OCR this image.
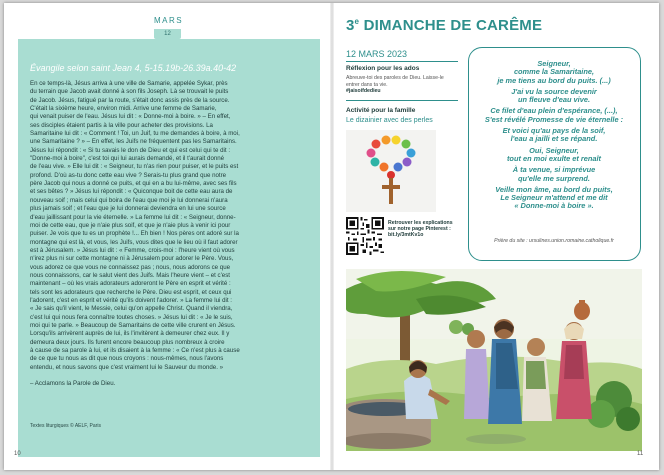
MARS
12
Évangile selon saint Jean 4, 5-15.19b-26.39a.40-42
En ce temps-là, Jésus arriva à une ville de Samarie, appelée Sykar, près
du terrain que Jacob avait donné à son fils Joseph. Là se trouvait le puits
de Jacob. Jésus, fatigué par la route, s'était donc assis près de la source.
C'était la sixième heure, environ midi. Arrive une femme de Samarie,
qui venait puiser de l'eau. Jésus lui dit : « Donne-moi à boire. » – En effet,
ses disciples étaient partis à la ville pour acheter des provisions. La
Samaritaine lui dit : « Comment ! Toi, un Juif, tu me demandes à boire, à moi,
une Samaritaine ? » – En effet, les Juifs ne fréquentent pas les Samaritains.
Jésus lui répondit : « Si tu savais le don de Dieu et qui est celui qui te dit :
"Donne-moi à boire", c'est toi qui lui aurais demandé, et il t'aurait donné
de l'eau vive. » Elle lui dit : « Seigneur, tu n'as rien pour puiser, et le puits est
profond. D'où as-tu donc cette eau vive ? Serais-tu plus grand que notre
père Jacob qui nous a donné ce puits, et qui en a bu lui-même, avec ses fils
et ses bêtes ? » Jésus lui répondit : « Quiconque boit de cette eau aura de
nouveau soif ; mais celui qui boira de l'eau que moi je lui donnerai n'aura
plus jamais soif ; et l'eau que je lui donnerai deviendra en lui une source
d'eau jaillissant pour la vie éternelle. » La femme lui dit : « Seigneur, donne-
moi de cette eau, que je n'aie plus soif, et que je n'aie plus à venir ici pour
puiser. Je vois que tu es un prophète !... Eh bien ! Nos pères ont adoré sur la
montagne qui est là, et vous, les Juifs, vous dites que le lieu où il faut adorer
est à Jérusalem. » Jésus lui dit : « Femme, crois-moi : l'heure vient où vous
n'irez plus ni sur cette montagne ni à Jérusalem pour adorer le Père. Vous,
vous adorez ce que vous ne connaissez pas ; nous, nous adorons ce que
nous connaissons, car le salut vient des Juifs. Mais l'heure vient – et c'est
maintenant – où les vrais adorateurs adoreront le Père en esprit et vérité :
tels sont les adorateurs que recherche le Père. Dieu est esprit, et ceux qui
l'adorent, c'est en esprit et vérité qu'ils doivent l'adorer. » La femme lui dit :
« Je sais qu'il vient, le Messie, celui qu'on appelle Christ. Quand il viendra,
c'est lui qui nous fera connaître toutes choses. » Jésus lui dit : « Je le suis,
moi qui te parle. » Beaucoup de Samaritains de cette ville crurent en Jésus.
Lorsqu'ils arrivèrent auprès de lui, ils l'invitèrent à demeurer chez eux. Il y
demeura deux jours. Ils furent encore beaucoup plus nombreux à croire
à cause de sa parole à lui, et ils disaient à la femme : « Ce n'est plus à cause
de ce que tu nous as dit que nous croyons : nous-mêmes, nous l'avons
entendu, et nous savons que c'est vraiment lui le Sauveur du monde. »

– Acclamons la Parole de Dieu.
Textes liturgiques © AELF, Paris
10
3e DIMANCHE DE CARÊME
12 MARS 2023
Réflexion pour les ados
Abreuve-toi des paroles de Dieu. Laisse-le entrer dans ta vie.
#jaisoifdedieu
Activité pour la famille
Le dizainier avec des perles
Retrouver les explications sur notre page Pinterest : bit.ly/3mtKv1o
Seigneur,
comme la Samaritaine,
je me tiens au bord du puits. (...)
J'ai vu la source devenir
un fleuve d'eau vive.
Ce filet d'eau plein d'espérance, (...),
S'est révélé Promesse de vie éternelle :
Et voici qu'au pays de la soif,
l'eau a jailli et se répand.
Oui, Seigneur,
tout en moi exulte et renaît
À ta venue, si imprévue
qu'elle me surprend.
Veille mon âme, au bord du puits,
Le Seigneur m'attend et me dit
« Donne-moi à boire ».
Prière du site : ursulines.union.romaine.catholique.fr
11
